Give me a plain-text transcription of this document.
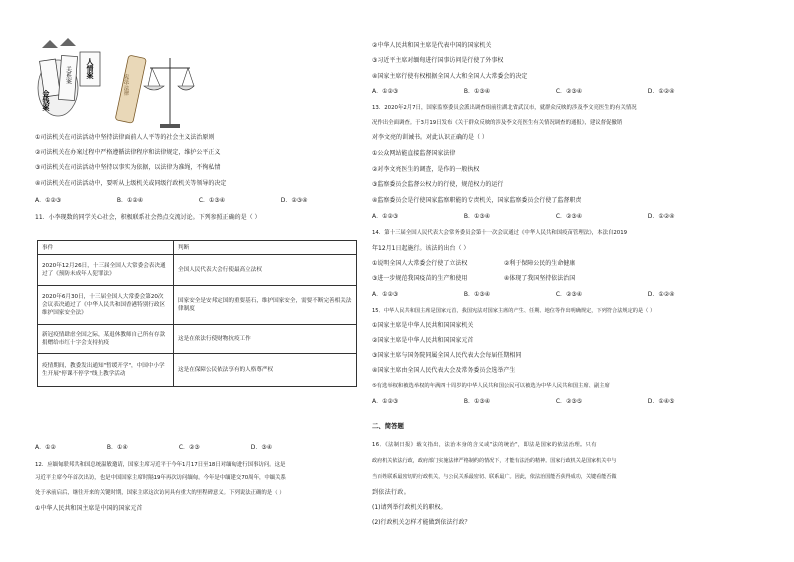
金钱案
关系案 人情案
宪法·法律
①司法机关在司法活动中坚持法律面前人人平等的社会主义法治原则
②司法机关在办案过程中严格遵循法律程序和法律规定，维护公平正义
③司法机关在司法活动中坚持以事实为依据，以法律为准绳，不徇私情
④司法机关在司法活动中，要听从上级机关或同级行政机关等领导的决定
A．①②③	B．①②④	C．①③④	D．②③④
11．小李现数的同学关心社会，积极联系社会热点交流讨论。下列参照正确的是（ ）
事件	判断
2020年12月26日，十三届全国人大常委会表决通过了《预防未成年人犯罪法》	全国人民代表大会行使最高立法权
2020年6月30日，十三届全国人大常委会第20次会议表决通过了《中华人民共和国香港特别行政区维护国家安全法》	国家安全是安邦定国的重要基石，维护国家安全，需要不断完善相关法律制度
新冠疫情肆虐全国之际，某退休教师自己所有存款捐赠给市红十字会支持抗疫	这是在依法行使财物抗疫工作
疫情期间，教委发出通知"暂缓开学"，中国中小学生开展"停课不停学"线上教学活动	这是在保障公民依法享有的人格尊严权
A．①②	B．①④	C．②③	D．③④
12．应缅甸联邦共和国总统温敏邀请，国家主席习近平于今年1月17日至18日对缅甸进行国事访问。这是
习近平主席今年首次出访，也是中国国家主席时隔19年再次访问缅甸。今年是中缅建交70周年，中缅关系
处于承前启后，继往开来的关键时期，国家主席这次访问具有重大的里程碑意义。下列说法正确的是（ ）
①中华人民共和国主席是中国的国家元首
②中华人民共和国主席是代表中国的国家机关
③习近平主席对缅甸进行国事访问是行使了外事权
④国家主席行使有权根据全国人大和全国人大常委会的决定
A．①②③	B．①③④	C．②③④	D．①②④
13．2020年2月7日，国家监察委员会派出调查组前往湖北省武汉市，就群众反映的涉及李文亮医生的有关情况
况作出全面调查。于3月19日发布《关于群众反映的涉及李文亮医生有关情况调查的通报》，建议督促撤销
对李文亮的训诫书。对此认识正确的是（ ）
①公众网站能直接监督国家法律
②对李文亮医生的调查，是作的一般执权
③监察委员会监督公权力的行使，规范权力的运行
④监察委员会是行使国家监察职能的专责机关，国家监察委员会行使了监督职责
A．①②③	B．①③④	C．②③④	D．①②④
14．第十三届全国人民代表大会常务委员会第十一次会议通过《中华人民共和国疫苗管理法》，本法自2019
年12月1日起施行。该法的出台（ ）
①说明全国人大常委会行使了立法权	②利于保障公民的生命健康
③进一步规范我国疫苗的生产和使用	④体现了我国坚持依法治国
A．①②③	B．①③④	C．②③④	D．①②④
15．中华人民共和国主席是国家元首，我国宪法对国家主席的产生、任期、地位等作出明确规定，下列符合法规定的是（ ）
①国家主席是中华人民共和国国家机关
②国家主席是中华人民共和国国家元首
③国家主席与国务院同属全国人民代表大会每届任期相同
④国家主席由全国人民代表大会及常务委员会选举产生
⑤有选举权和被选举权的年满四十周岁的中华人民共和国公民可以被选为中华人民共和国主席、副主席
A．①②③	B．①③④	C．②③⑤	D．①④⑤
二、简答题
16．《法制日报》载文指出，法治本身的含义或"法的统治"，即法是国家的依法治理。只有
政府机关依法行政，政府部门实施法律严格制约的情况下，才能有法治的精神。国家行政机关是国家机关中与
当百姓联系最密切的行政机关，与公民关系最密切、联系最广。因此，依法治国能否获得成功，关键看能否做
到依法行政。
(1)请列举行政机关的职权。
(2)行政机关怎样才能做到依法行政？
